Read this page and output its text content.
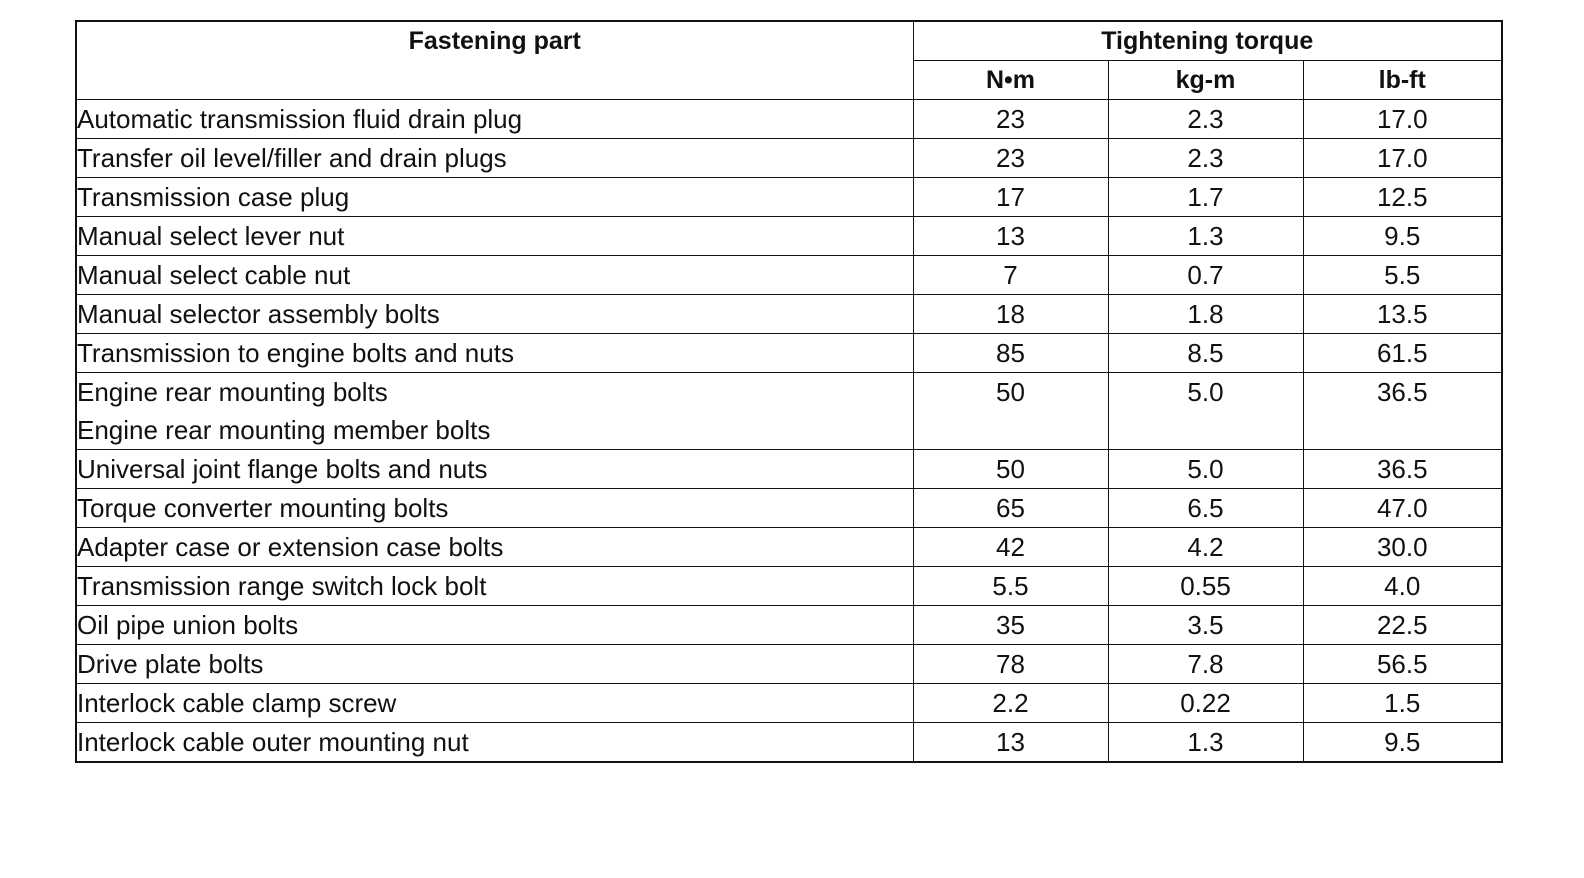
Fastening part	Tightening torque		
	N•m	kg-m	lb-ft

Automatic transmission fluid drain plug	23	2.3	17.0

Transfer oil level/filler and drain plugs	23	2.3	17.0

Transmission case plug	17	1.7	12.5

Manual select lever nut	13	1.3	9.5

Manual select cable nut	7	0.7	5.5

Manual selector assembly bolts	18	1.8	13.5

Transmission to engine bolts and nuts	85	8.5	61.5

Engine rear mounting bolts
Engine rear mounting member bolts	50	5.0	36.5

Universal joint flange bolts and nuts	50	5.0	36.5

Torque converter mounting bolts	65	6.5	47.0

Adapter case or extension case bolts	42	4.2	30.0

Transmission range switch lock bolt	5.5	0.55	4.0

Oil pipe union bolts	35	3.5	22.5

Drive plate bolts	78	7.8	56.5

Interlock cable clamp screw	2.2	0.22	1.5

Interlock cable outer mounting nut	13	1.3	9.5
